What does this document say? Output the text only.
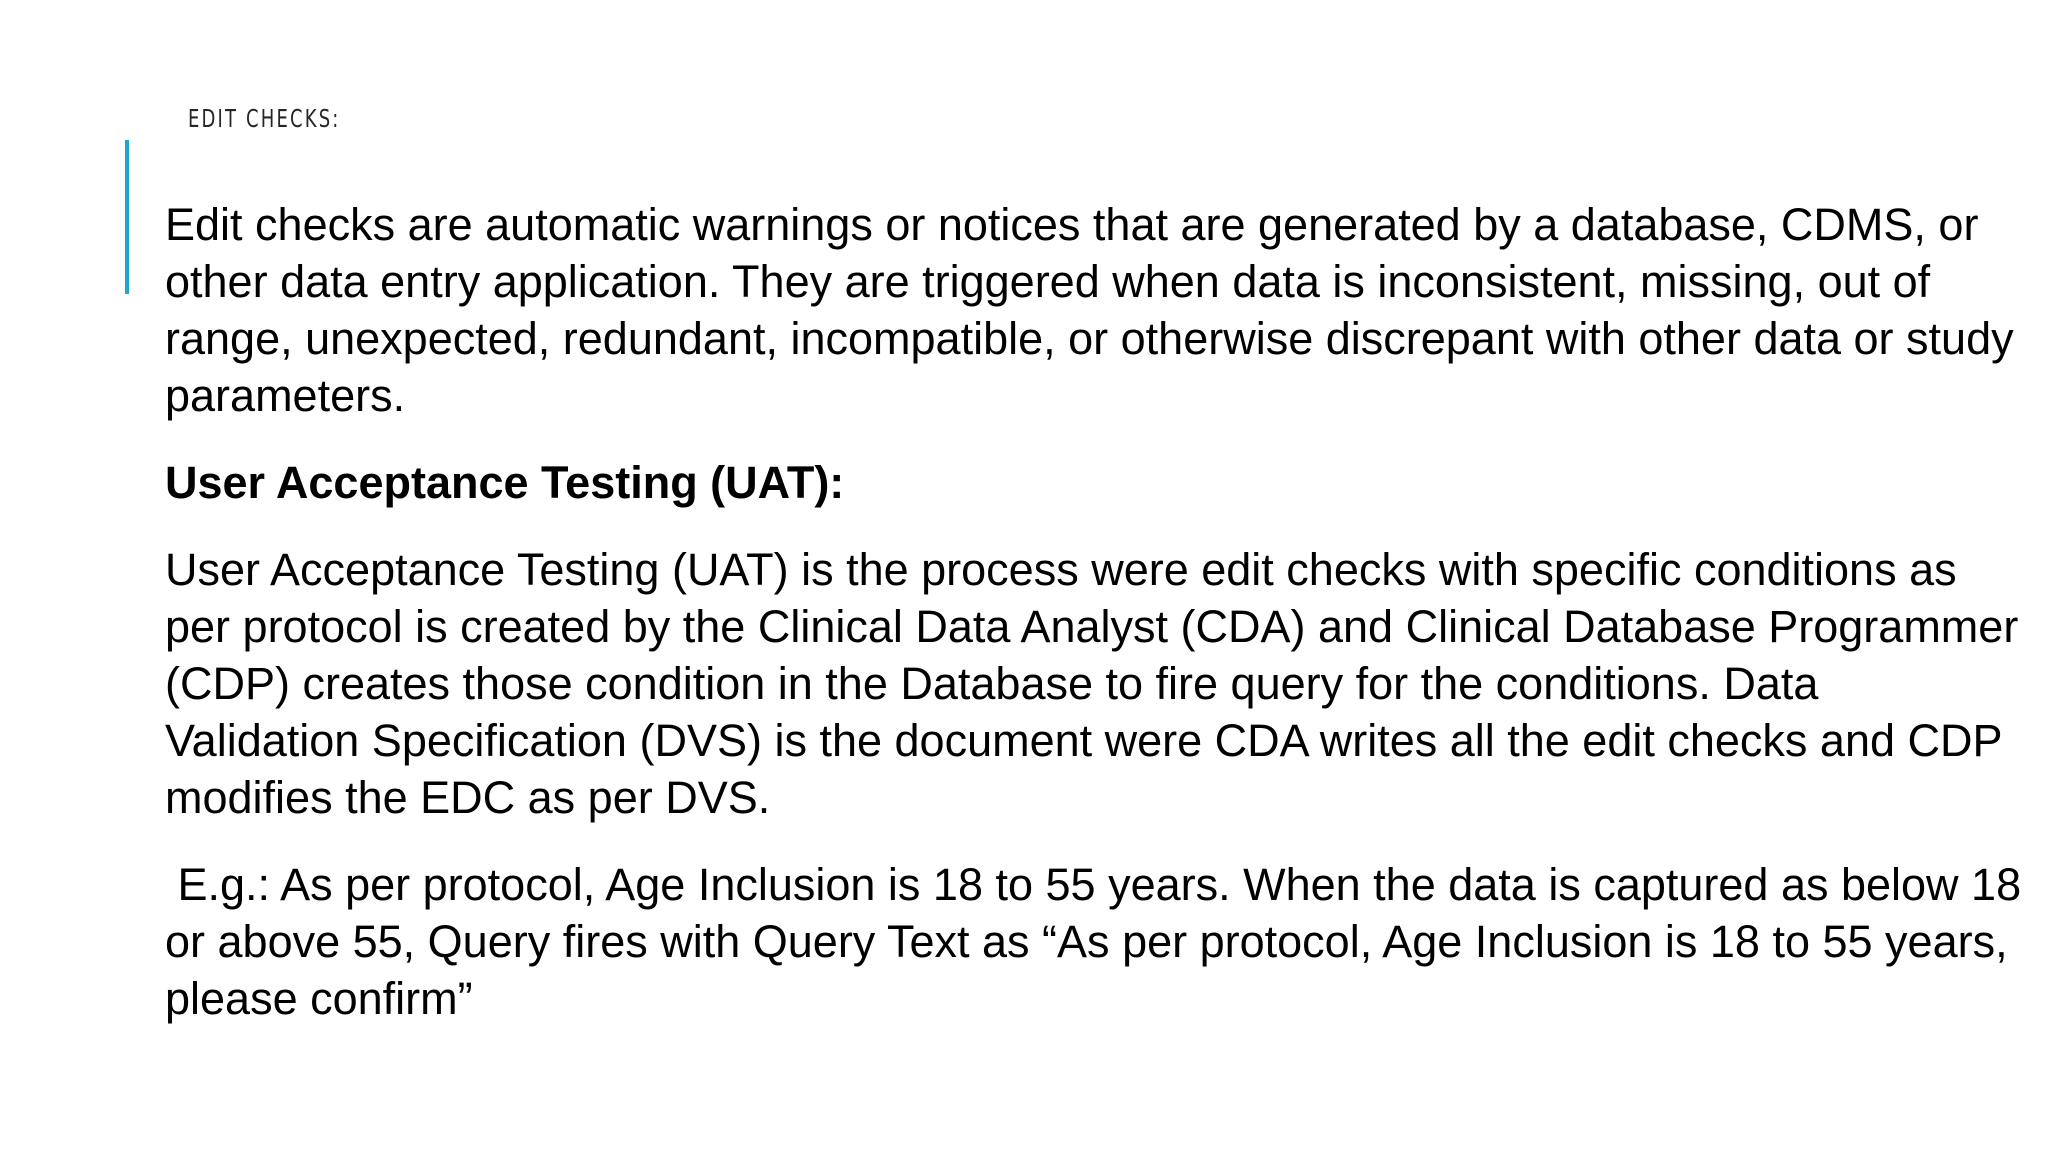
EDIT CHECKS:

Edit checks are automatic warnings or notices that are generated by a database, CDMS, or other data entry application. They are triggered when data is inconsistent, missing, out of range, unexpected, redundant, incompatible, or otherwise discrepant with other data or study parameters.

User Acceptance Testing (UAT):

User Acceptance Testing (UAT) is the process were edit checks with specific conditions as per protocol is created by the Clinical Data Analyst (CDA) and Clinical Database Programmer (CDP) creates those condition in the Database to fire query for the conditions. Data Validation Specification (DVS) is the document were CDA writes all the edit checks and CDP modifies the EDC as per DVS.

E.g.: As per protocol, Age Inclusion is 18 to 55 years. When the data is captured as below 18 or above 55, Query fires with Query Text as “As per protocol, Age Inclusion is 18 to 55 years, please confirm”
